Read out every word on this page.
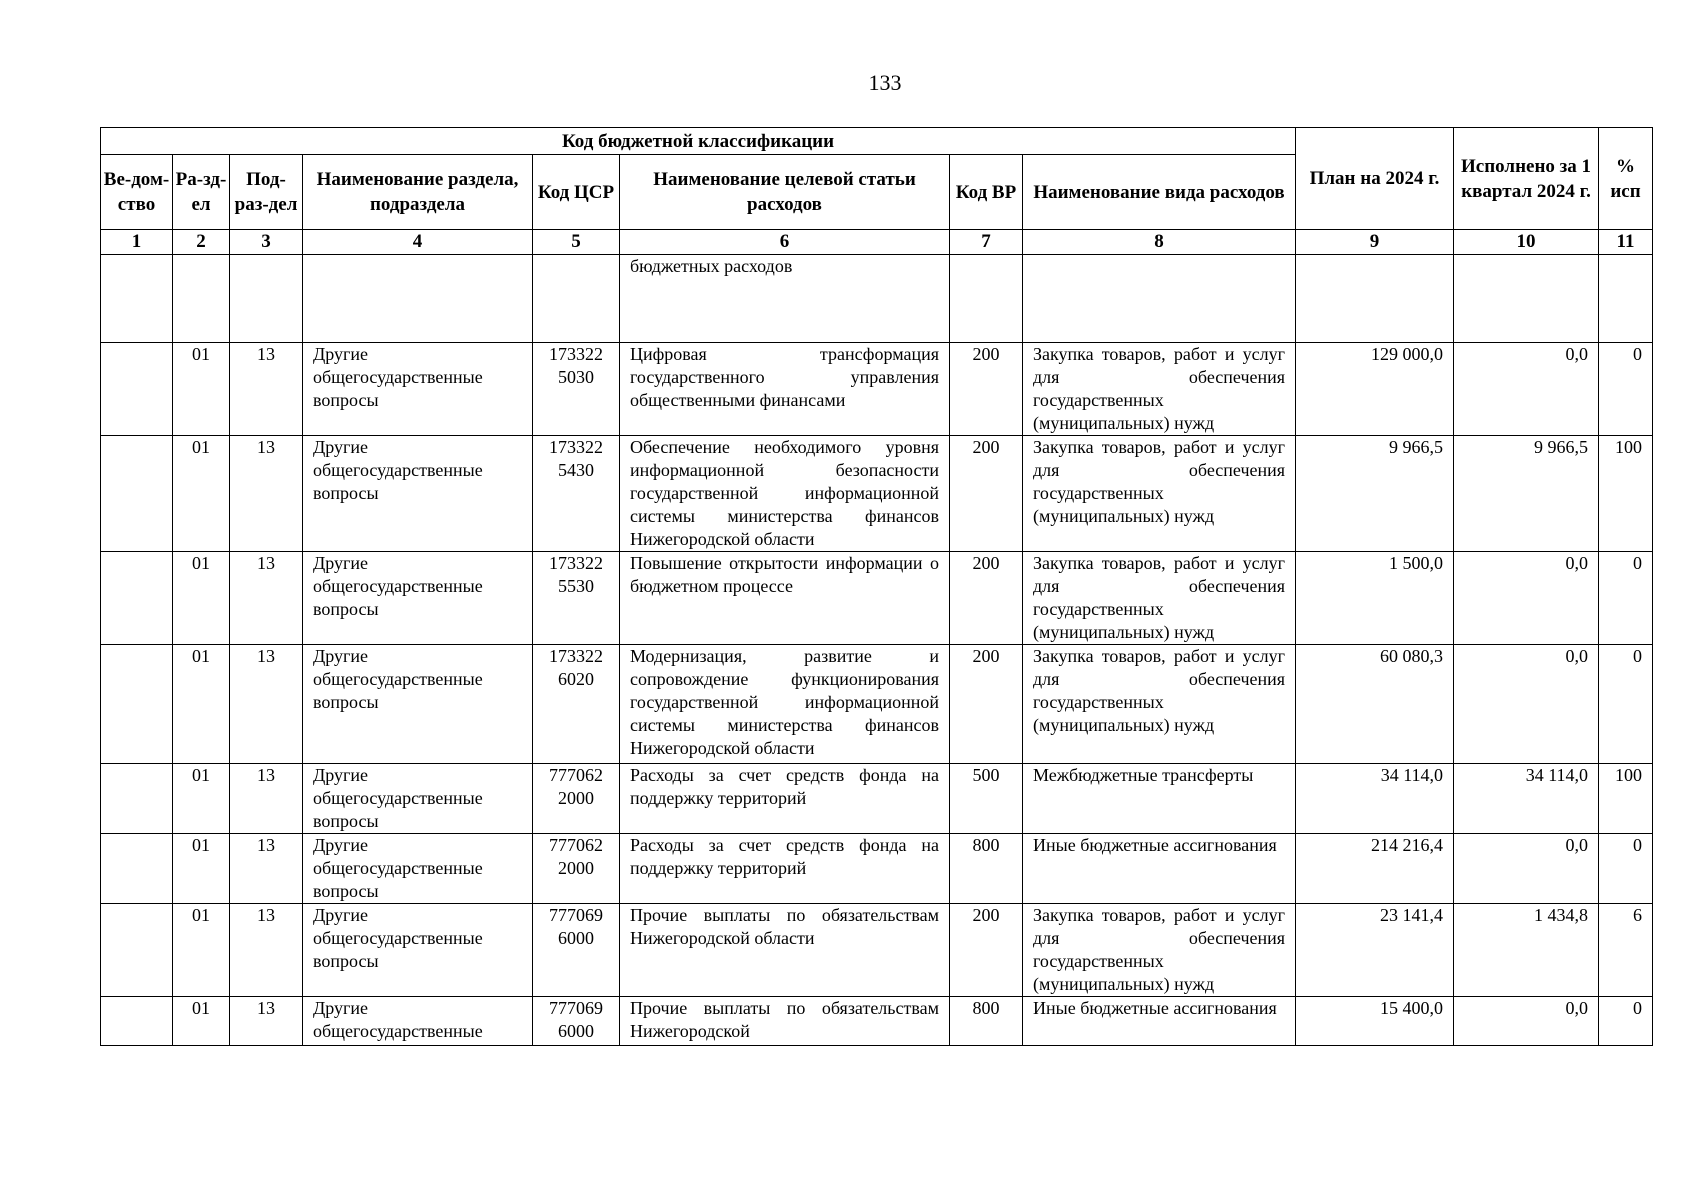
133
Код бюджетной классификации								План на 2024 г.	Исполнено за 1 квартал 2024 г.	% исп
Ве-дом-ство	Ра-зд-ел	Под-раз-дел	Наименование раздела, подраздела	Код ЦСР	Наименование целевой статьи расходов	Код ВР	Наименование вида расходов			
1	2	3	4	5	6	7	8	9	10	11
					бюджетных расходов					
	01	13	Другие общегосударственные вопросы	173322 5030	Цифровая трансформация государственного управления общественными финансами	200	Закупка товаров, работ и услуг для обеспечения государственных (муниципальных) нужд	129 000,0	0,0	0
	01	13	Другие общегосударственные вопросы	173322 5430	Обеспечение необходимого уровня информационной безопасности государственной информационной системы министерства финансов Нижегородской области	200	Закупка товаров, работ и услуг для обеспечения государственных (муниципальных) нужд	9 966,5	9 966,5	100
	01	13	Другие общегосударственные вопросы	173322 5530	Повышение открытости информации о бюджетном процессе	200	Закупка товаров, работ и услуг для обеспечения государственных (муниципальных) нужд	1 500,0	0,0	0
	01	13	Другие общегосударственные вопросы	173322 6020	Модернизация, развитие и сопровождение функционирования государственной информационной системы министерства финансов Нижегородской области	200	Закупка товаров, работ и услуг для обеспечения государственных (муниципальных) нужд	60 080,3	0,0	0
	01	13	Другие общегосударственные вопросы	777062 2000	Расходы за счет средств фонда на поддержку территорий	500	Межбюджетные трансферты	34 114,0	34 114,0	100
	01	13	Другие общегосударственные вопросы	777062 2000	Расходы за счет средств фонда на поддержку территорий	800	Иные бюджетные ассигнования	214 216,4	0,0	0
	01	13	Другие общегосударственные вопросы	777069 6000	Прочие выплаты по обязательствам Нижегородской области	200	Закупка товаров, работ и услуг для обеспечения государственных (муниципальных) нужд	23 141,4	1 434,8	6
	01	13	Другие общегосударственные	777069 6000	Прочие выплаты по обязательствам Нижегородской	800	Иные бюджетные ассигнования	15 400,0	0,0	0
